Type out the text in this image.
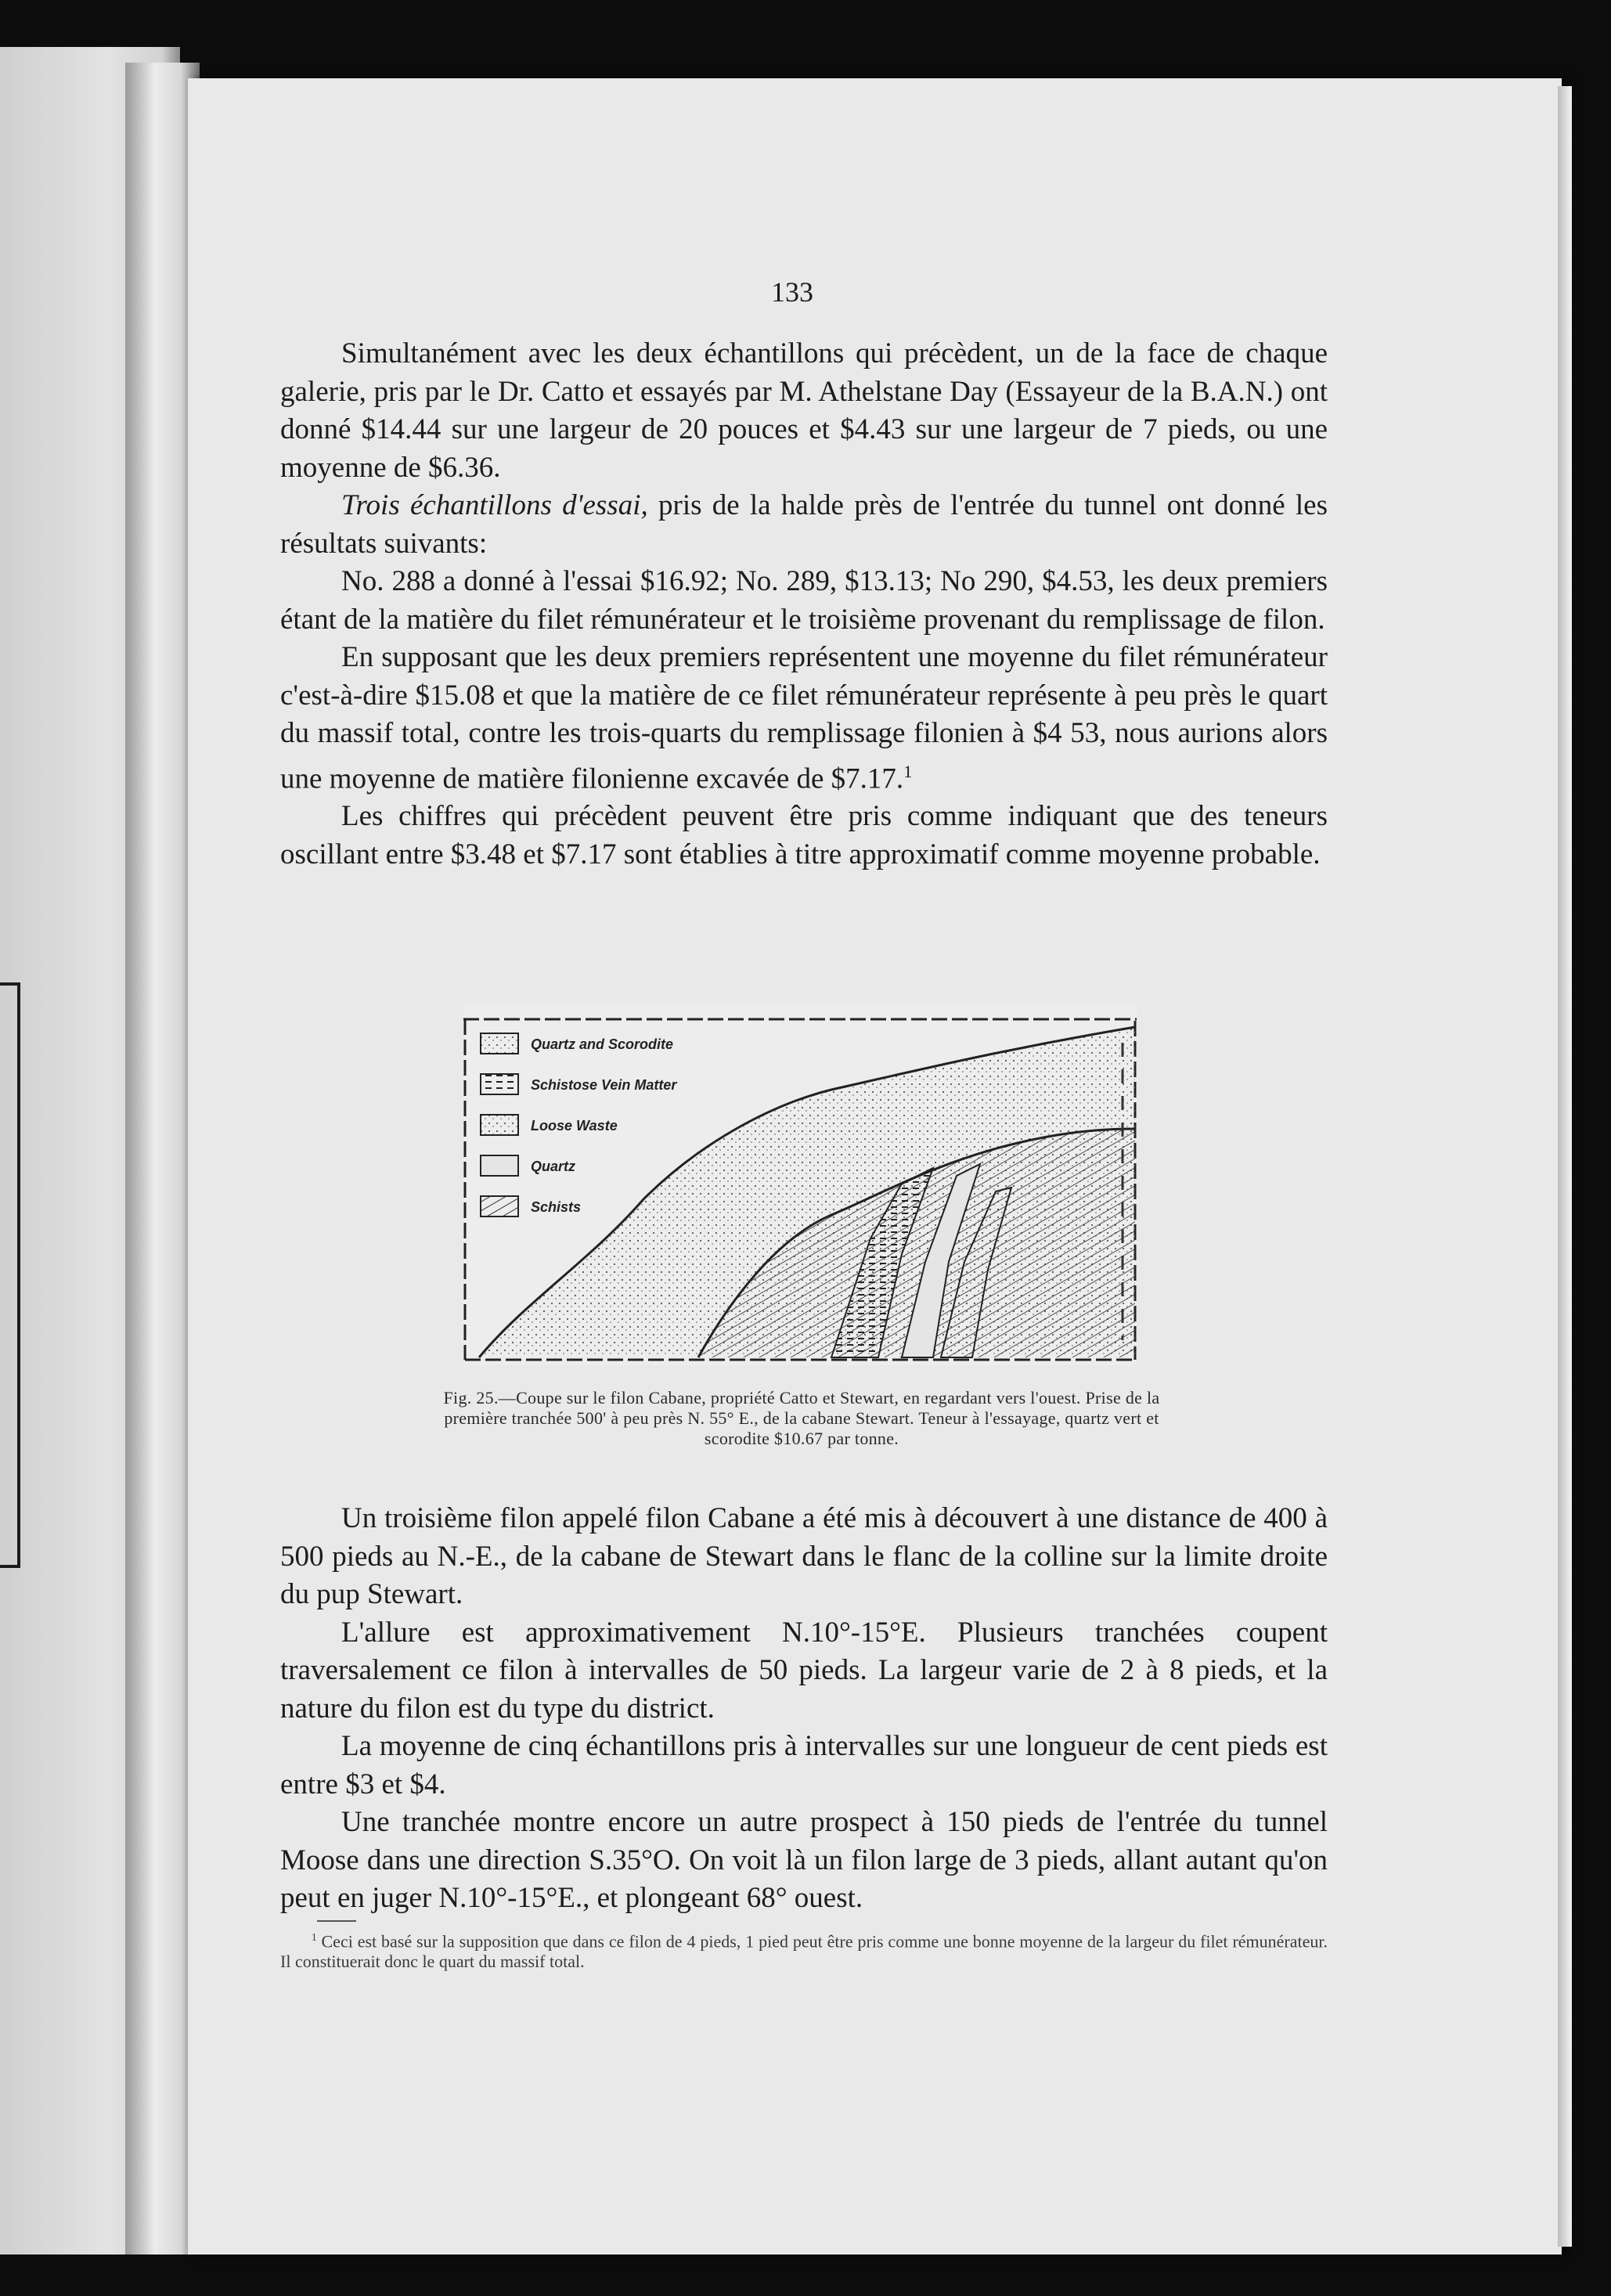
133

Simultanément avec les deux échantillons qui précèdent, un de la face de chaque galerie, pris par le Dr. Catto et essayés par M. Athelstane Day (Essayeur de la B.A.N.) ont donné $14.44 sur une largeur de 20 pouces et $4.43 sur une largeur de 7 pieds, ou une moyenne de $6.36.

Trois échantillons d'essai, pris de la halde près de l'entrée du tunnel ont donné les résultats suivants:

No. 288 a donné à l'essai $16.92; No. 289, $13.13; No 290, $4.53, les deux premiers étant de la matière du filet rémunérateur et le troisième provenant du remplissage de filon.

En supposant que les deux premiers représentent une moyenne du filet rémunérateur c'est-à-dire $15.08 et que la matière de ce filet rémunérateur représente à peu près le quart du massif total, contre les trois-quarts du remplissage filonien à $4 53, nous aurions alors une moyenne de matière filonienne excavée de $7.17.$^1$

Les chiffres qui précèdent peuvent être pris comme indiquant que des teneurs oscillant entre $3.48 et $7.17 sont établies à titre approximatif comme moyenne probable.

Quartz and Scorodite
Schistose Vein Matter
Loose Waste
Quartz
Schists
Fig. 25.—Coupe sur le filon Cabane, propriété Catto et Stewart, en regardant vers l'ouest. Prise de la première tranchée 500' à peu près N. 55° E., de la cabane Stewart. Teneur à l'essayage, quartz vert et scorodite $10.67 par tonne.

Un troisième filon appelé filon Cabane a été mis à découvert à une distance de 400 à 500 pieds au N.-E., de la cabane de Stewart dans le flanc de la colline sur la limite droite du pup Stewart.

L'allure est approximativement N.10°-15°E. Plusieurs tranchées coupent traversalement ce filon à intervalles de 50 pieds. La largeur varie de 2 à 8 pieds, et la nature du filon est du type du district.

La moyenne de cinq échantillons pris à intervalles sur une longueur de cent pieds est entre $3 et $4.

Une tranchée montre encore un autre prospect à 150 pieds de l'entrée du tunnel Moose dans une direction S.35°O. On voit là un filon large de 3 pieds, allant autant qu'on peut en juger N.10°-15°E., et plongeant 68° ouest.

$^1$ Ceci est basé sur la supposition que dans ce filon de 4 pieds, 1 pied peut être pris comme une bonne moyenne de la largeur du filet rémunérateur. Il constituerait donc le quart du massif total.
